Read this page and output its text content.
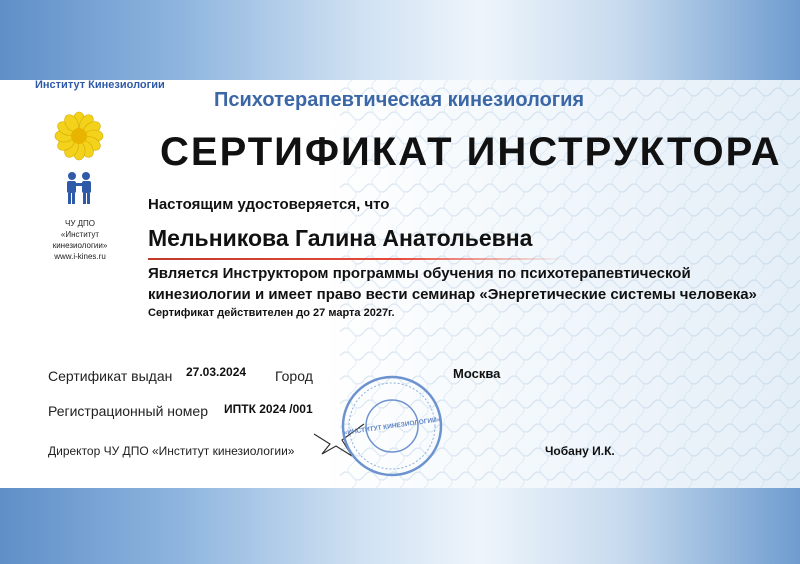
Институт Кинезиологии
ЧУ ДПО
«Институт
кинезиологии»
www.i-kines.ru
Психотерапевтическая кинезиология
СЕРТИФИКАТ ИНСТРУКТОРА
Настоящим удостоверяется, что
Мельникова Галина Анатольевна
Является Инструктором программы обучения по психотерапевтической
кинезиологии и имеет право вести семинар «Энергетические системы человека»
Сертификат действителен до 27 марта 2027г.
Сертификат выдан 27.03.2024 Город	Москва
Регистрационный номер ИПТК 2024 /001
Директор ЧУ ДПО «Институт кинезиологии»	Чобану И.К.
«ИНСТИТУТ КИНЕЗИОЛОГИИ»
